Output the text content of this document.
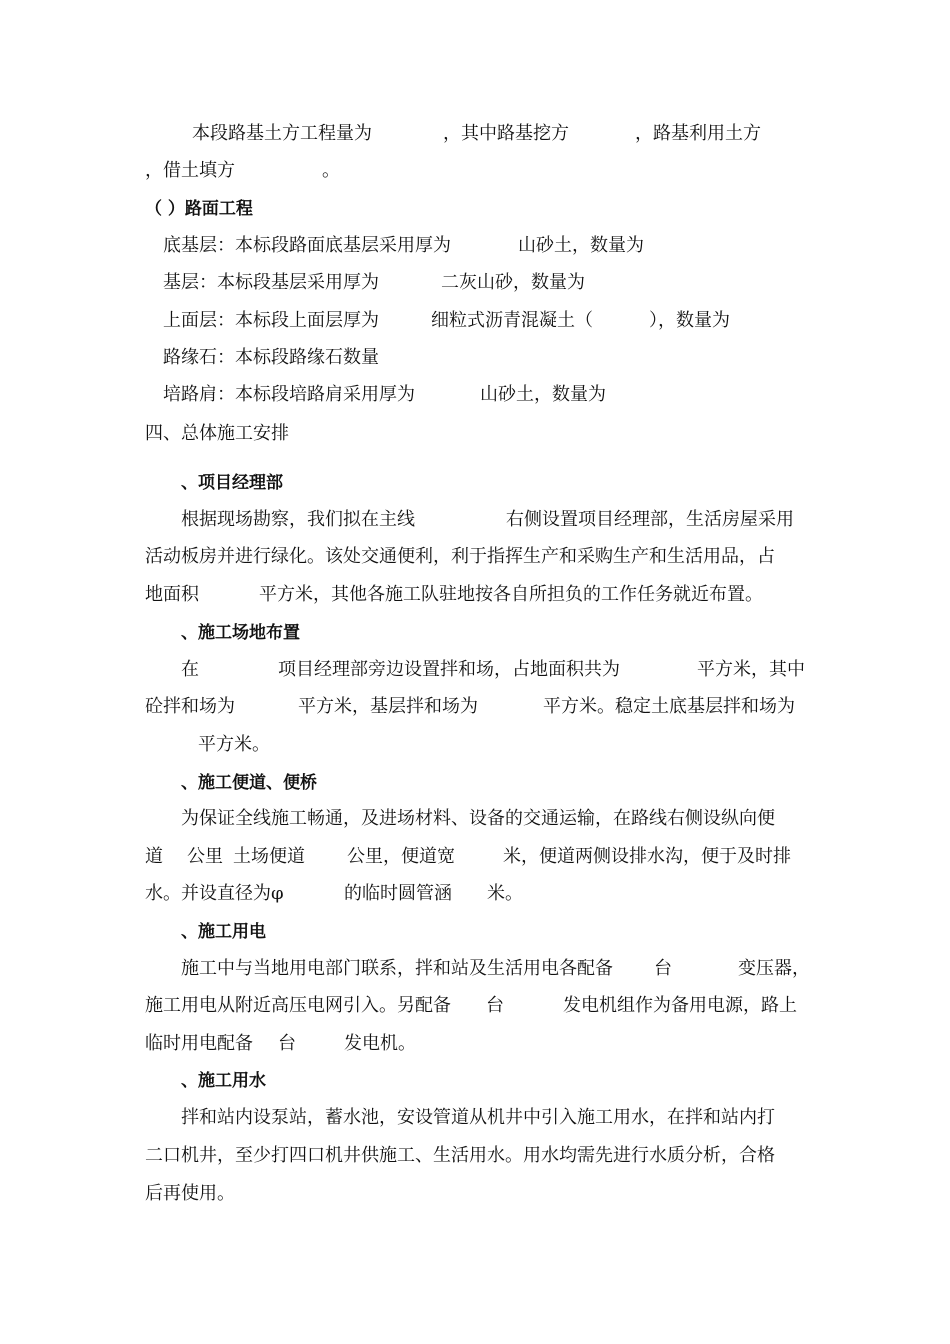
本段路基土方工程量为	，其中路基挖方	，路基利用土方
，借土填方	。
（ ）路面工程
底基层：本标段路面底基层采用厚为	山砂土，数量为
基层：本标段基层采用厚为	二灰山砂，数量为
上面层：本标段上面层厚为	细粒式沥青混凝土（	），数量为
路缘石：本标段路缘石数量
培路肩：本标段培路肩采用厚为	山砂土，数量为
四、总体施工安排
、项目经理部
根据现场勘察，我们拟在主线	右侧设置项目经理部，生活房屋采用
活动板房并进行绿化。该处交通便利，利于指挥生产和采购生产和生活用品，占
地面积	平方米，其他各施工队驻地按各自所担负的工作任务就近布置。
、施工场地布置
在	项目经理部旁边设置拌和场，占地面积共为	平方米，其中
砼拌和场为	平方米，基层拌和场为	平方米。稳定土底基层拌和场为
平方米。
、施工便道、便桥
为保证全线施工畅通，及进场材料、设备的交通运输，在路线右侧设纵向便
道 公里 土场便道 公里，便道宽	米，便道两侧设排水沟，便于及时排
水。并设直径为φ	的临时圆管涵 米。
、施工用电
施工中与当地用电部门联系，拌和站及生活用电各配备 台	变压器，
施工用电从附近高压电网引入。另配备 台	发电机组作为备用电源，路上
临时用电配备 台	发电机。
、施工用水
拌和站内设泵站，蓄水池，安设管道从机井中引入施工用水，在拌和站内打
二口机井，至少打四口机井供施工、生活用水。用水均需先进行水质分析，合格
后再使用。
